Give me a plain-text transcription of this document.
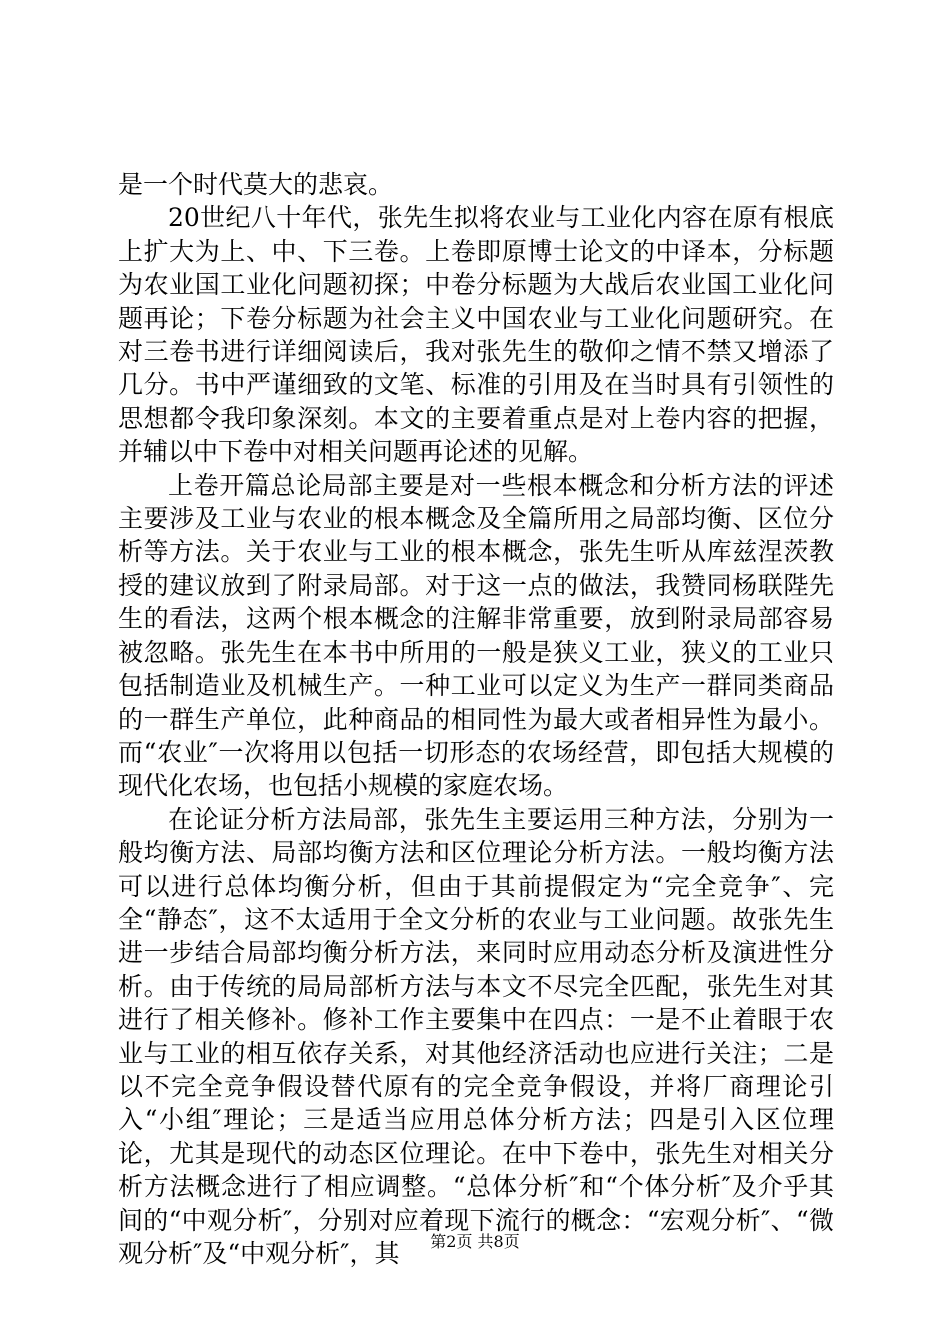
是一个时代莫大的悲哀。

20世纪八十年代，张先生拟将农业与工业化内容在原有根底上扩大为上、中、下三卷。上卷即原博士论文的中译本，分标题为农业国工业化问题初探；中卷分标题为大战后农业国工业化问题再论；下卷分标题为社会主义中国农业与工业化问题研究。在对三卷书进行详细阅读后，我对张先生的敬仰之情不禁又增添了几分。书中严谨细致的文笔、标准的引用及在当时具有引领性的思想都令我印象深刻。本文的主要着重点是对上卷内容的把握，并辅以中下卷中对相关问题再论述的见解。

上卷开篇总论局部主要是对一些根本概念和分析方法的评述主要涉及工业与农业的根本概念及全篇所用之局部均衡、区位分析等方法。关于农业与工业的根本概念，张先生听从库兹涅茨教授的建议放到了附录局部。对于这一点的做法，我赞同杨联陛先生的看法，这两个根本概念的注解非常重要，放到附录局部容易被忽略。张先生在本书中所用的一般是狭义工业，狭义的工业只包括制造业及机械生产。一种工业可以定义为生产一群同类商品的一群生产单位，此种商品的相同性为最大或者相异性为最小。而“农业″一次将用以包括一切形态的农场经营，即包括大规模的现代化农场，也包括小规模的家庭农场。

在论证分析方法局部，张先生主要运用三种方法，分别为一般均衡方法、局部均衡方法和区位理论分析方法。一般均衡方法可以进行总体均衡分析，但由于其前提假定为“完全竞争″、完全“静态″，这不太适用于全文分析的农业与工业问题。故张先生进一步结合局部均衡分析方法，来同时应用动态分析及演进性分析。由于传统的局局部析方法与本文不尽完全匹配，张先生对其进行了相关修补。修补工作主要集中在四点：一是不止着眼于农业与工业的相互依存关系，对其他经济活动也应进行关注；二是以不完全竞争假设替代原有的完全竞争假设，并将厂商理论引入“小组″理论；三是适当应用总体分析方法；四是引入区位理论，尤其是现代的动态区位理论。在中下卷中，张先生对相关分析方法概念进行了相应调整。“总体分析″和“个体分析″及介乎其间的“中观分析″，分别对应着现下流行的概念：“宏观分析″、“微观分析″及“中观分析″，其	第2页 共8页
